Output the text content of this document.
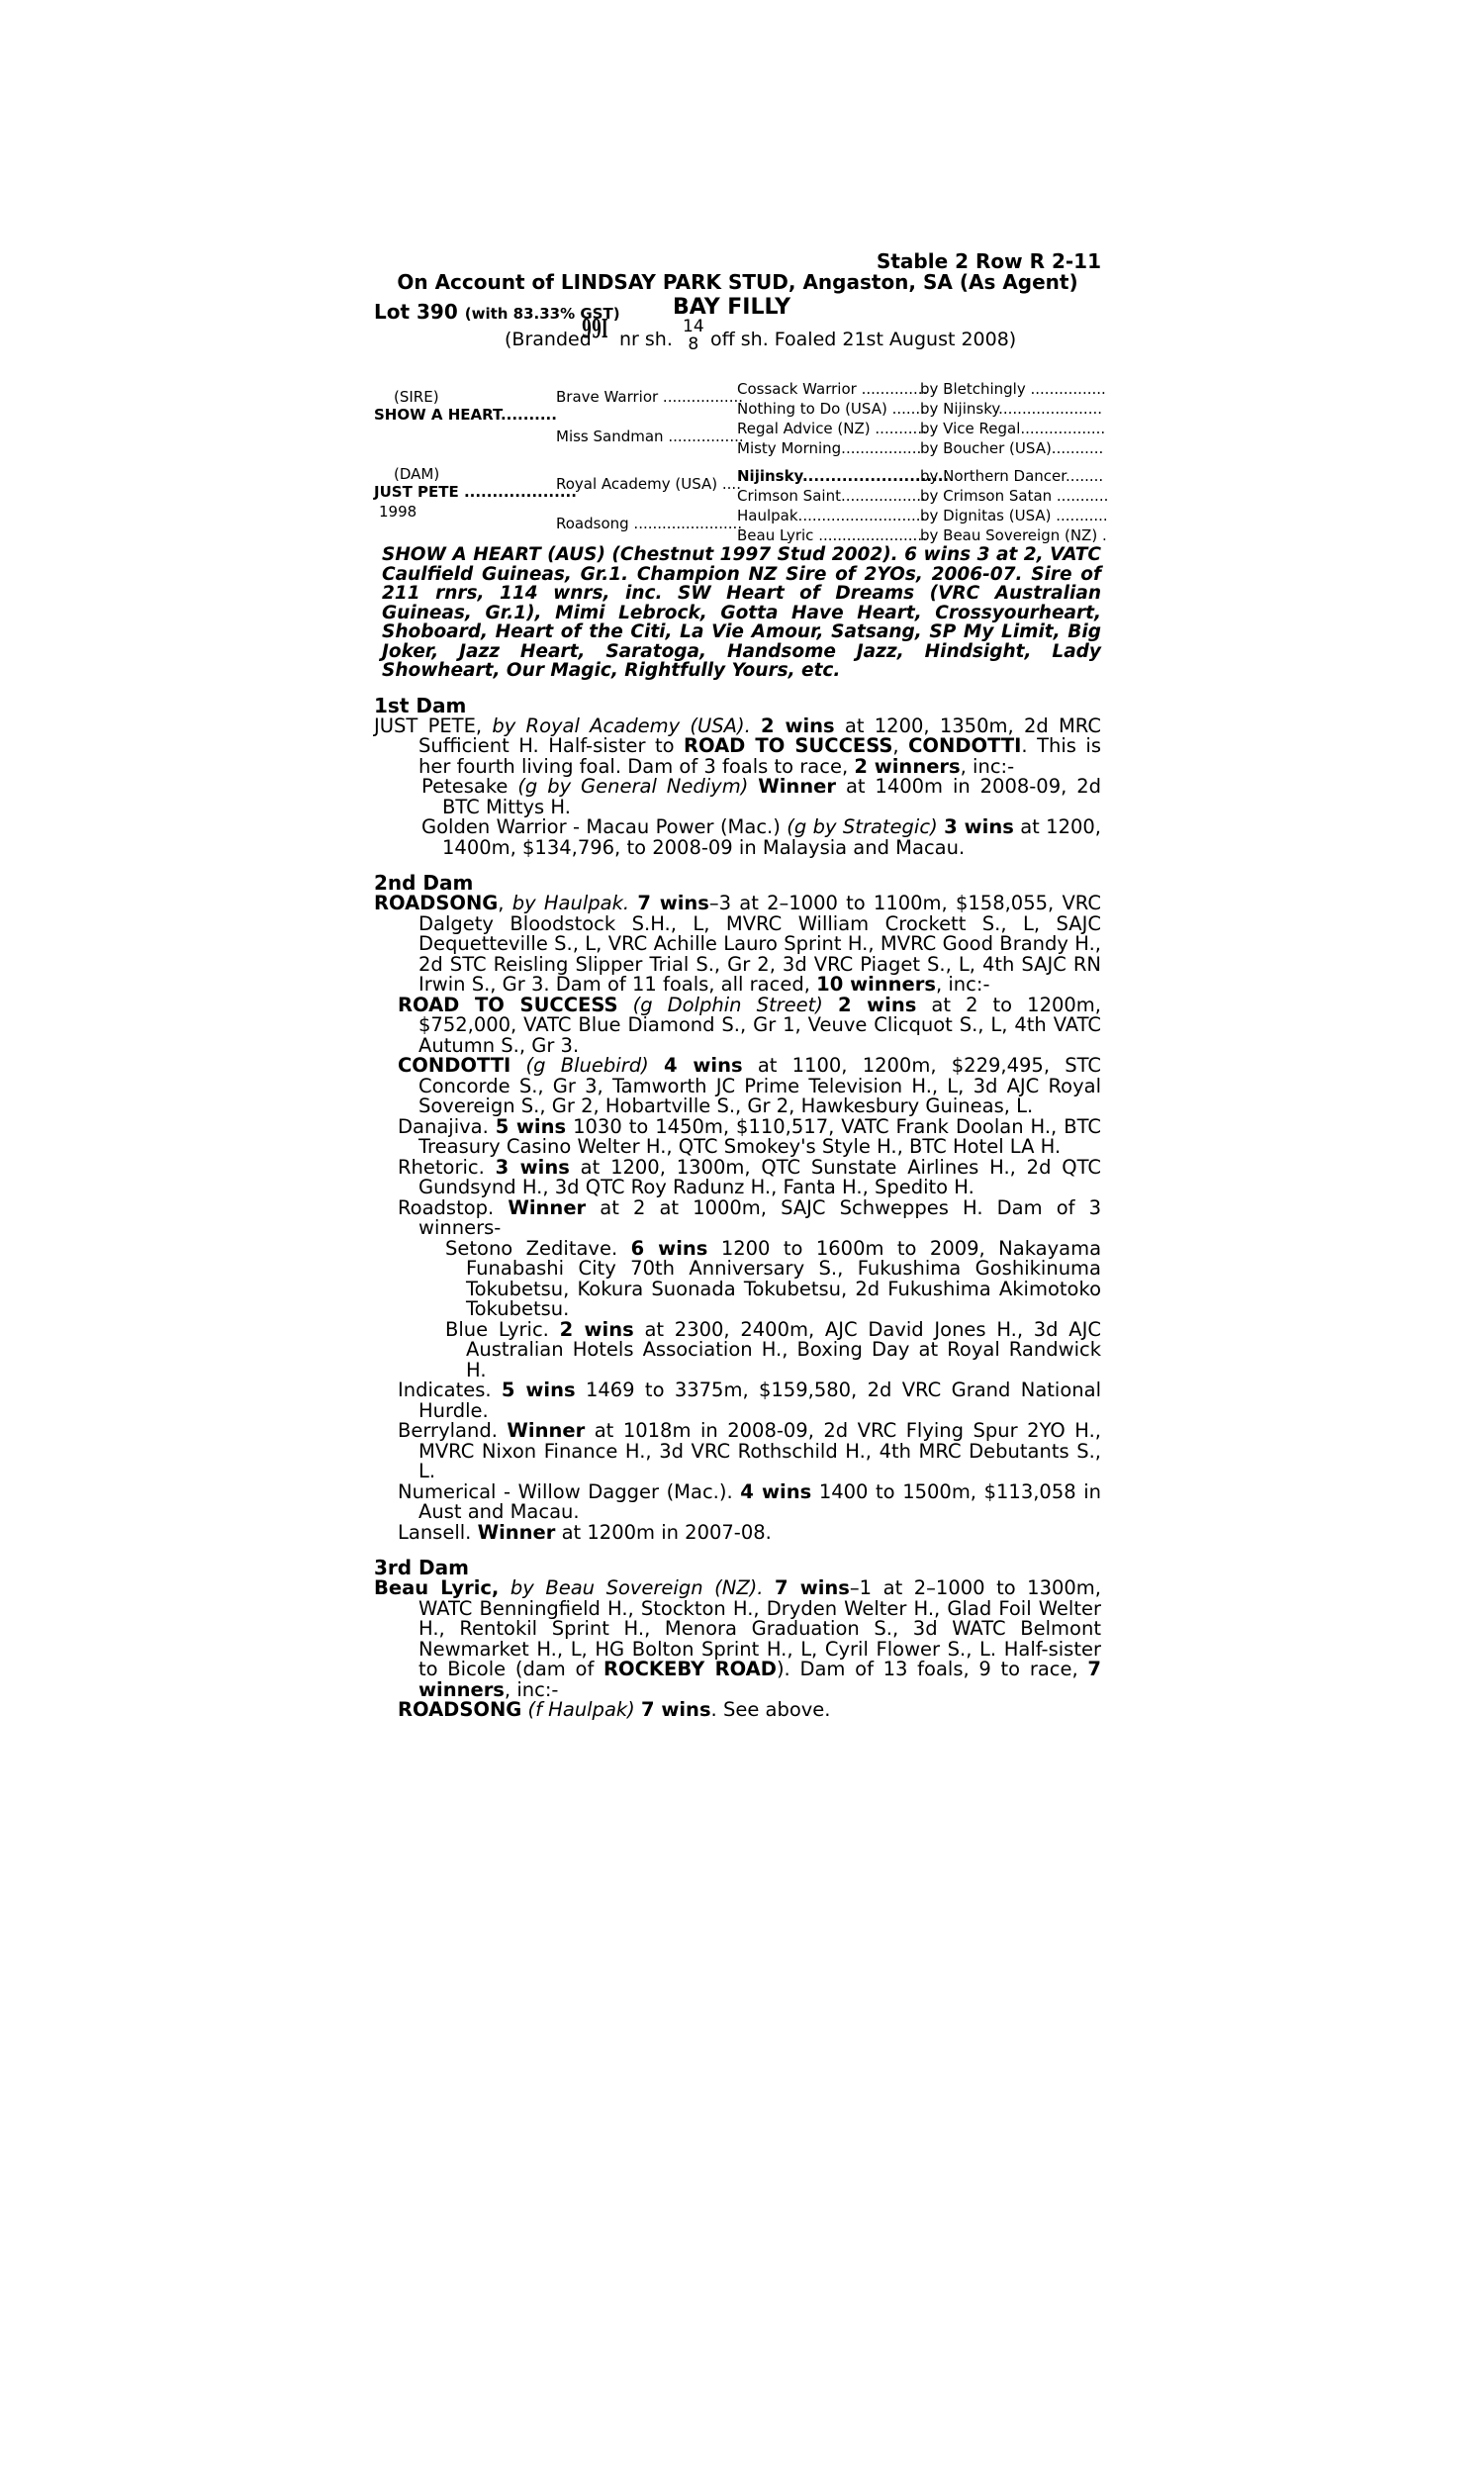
Stable 2 Row R 2-11
On Account of LINDSAY PARK STUD, Angaston, SA (As Agent)
Lot 390 (with 83.33% GST) BAY FILLY
(Branded
99I nr sh.
14
8 off sh. Foaled 21st August 2008)
(SIRE)
SHOW A HEART..........
(DAM)
JUST PETE ....................
1998
Brave Warrior .................
Miss Sandman ................
Royal Academy (USA) ....
Roadsong .......................
Cossack Warrior ..............
Nothing to Do (USA) .......
Regal Advice (NZ) ...........
Misty Morning.................
Nijinsky..........................
Crimson Saint..................
Haulpak...........................
Beau Lyric .......................
by Bletchingly ................
by Nijinsky......................
by Vice Regal..................
by Boucher (USA)...........
by Northern Dancer........
by Crimson Satan ...........
by Dignitas (USA) ...........
by Beau Sovereign (NZ) .

SHOW A HEART (AUS) (Chestnut 1997 Stud 2002). 6 wins 3 at 2, VATC Caulfield Guineas, Gr.1. Champion NZ Sire of 2YOs, 2006-07. Sire of 211 rnrs, 114 wnrs, inc. SW Heart of Dreams (VRC Australian Guineas, Gr.1), Mimi Lebrock, Gotta Have Heart, Crossyourheart, Shoboard, Heart of the Citi, La Vie Amour, Satsang, SP My Limit, Big Joker, Jazz Heart, Saratoga, Handsome Jazz, Hindsight, Lady Showheart, Our Magic, Rightfully Yours, etc.

1st Dam

JUST PETE, by Royal Academy (USA). 2 wins at 1200, 1350m, 2d MRC Sufficient H. Half-sister to ROAD TO SUCCESS, CONDOTTI. This is her fourth living foal. Dam of 3 foals to race, 2 winners, inc:-

Petesake (g by General Nediym) Winner at 1400m in 2008-09, 2d BTC Mittys H.

Golden Warrior - Macau Power (Mac.) (g by Strategic) 3 wins at 1200, 1400m, $134,796, to 2008-09 in Malaysia and Macau.

2nd Dam

ROADSONG, by Haulpak. 7 wins–3 at 2–1000 to 1100m, $158,055, VRC Dalgety Bloodstock S.H., L, MVRC William Crockett S., L, SAJC Dequetteville S., L, VRC Achille Lauro Sprint H., MVRC Good Brandy H., 2d STC Reisling Slipper Trial S., Gr 2, 3d VRC Piaget S., L, 4th SAJC RN Irwin S., Gr 3. Dam of 11 foals, all raced, 10 winners, inc:-

ROAD TO SUCCESS (g Dolphin Street) 2 wins at 2 to 1200m, $752,000, VATC Blue Diamond S., Gr 1, Veuve Clicquot S., L, 4th VATC Autumn S., Gr 3.

CONDOTTI (g Bluebird) 4 wins at 1100, 1200m, $229,495, STC Concorde S., Gr 3, Tamworth JC Prime Television H., L, 3d AJC Royal Sovereign S., Gr 2, Hobartville S., Gr 2, Hawkesbury Guineas, L.

Danajiva. 5 wins 1030 to 1450m, $110,517, VATC Frank Doolan H., BTC Treasury Casino Welter H., QTC Smokey's Style H., BTC Hotel LA H.

Rhetoric. 3 wins at 1200, 1300m, QTC Sunstate Airlines H., 2d QTC Gundsynd H., 3d QTC Roy Radunz H., Fanta H., Spedito H.

Roadstop. Winner at 2 at 1000m, SAJC Schweppes H. Dam of 3 winners-

Setono Zeditave. 6 wins 1200 to 1600m to 2009, Nakayama Funabashi City 70th Anniversary S., Fukushima Goshikinuma Tokubetsu, Kokura Suonada Tokubetsu, 2d Fukushima Akimotoko Tokubetsu.

Blue Lyric. 2 wins at 2300, 2400m, AJC David Jones H., 3d AJC Australian Hotels Association H., Boxing Day at Royal Randwick H.

Indicates. 5 wins 1469 to 3375m, $159,580, 2d VRC Grand National Hurdle.

Berryland. Winner at 1018m in 2008-09, 2d VRC Flying Spur 2YO H., MVRC Nixon Finance H., 3d VRC Rothschild H., 4th MRC Debutants S., L.

Numerical - Willow Dagger (Mac.). 4 wins 1400 to 1500m, $113,058 in Aust and Macau.

Lansell. Winner at 1200m in 2007-08.

3rd Dam

Beau Lyric, by Beau Sovereign (NZ). 7 wins–1 at 2–1000 to 1300m, WATC Benningfield H., Stockton H., Dryden Welter H., Glad Foil Welter H., Rentokil Sprint H., Menora Graduation S., 3d WATC Belmont Newmarket H., L, HG Bolton Sprint H., L, Cyril Flower S., L. Half-sister to Bicole (dam of ROCKEBY ROAD). Dam of 13 foals, 9 to race, 7 winners, inc:-

ROADSONG (f Haulpak) 7 wins. See above.
